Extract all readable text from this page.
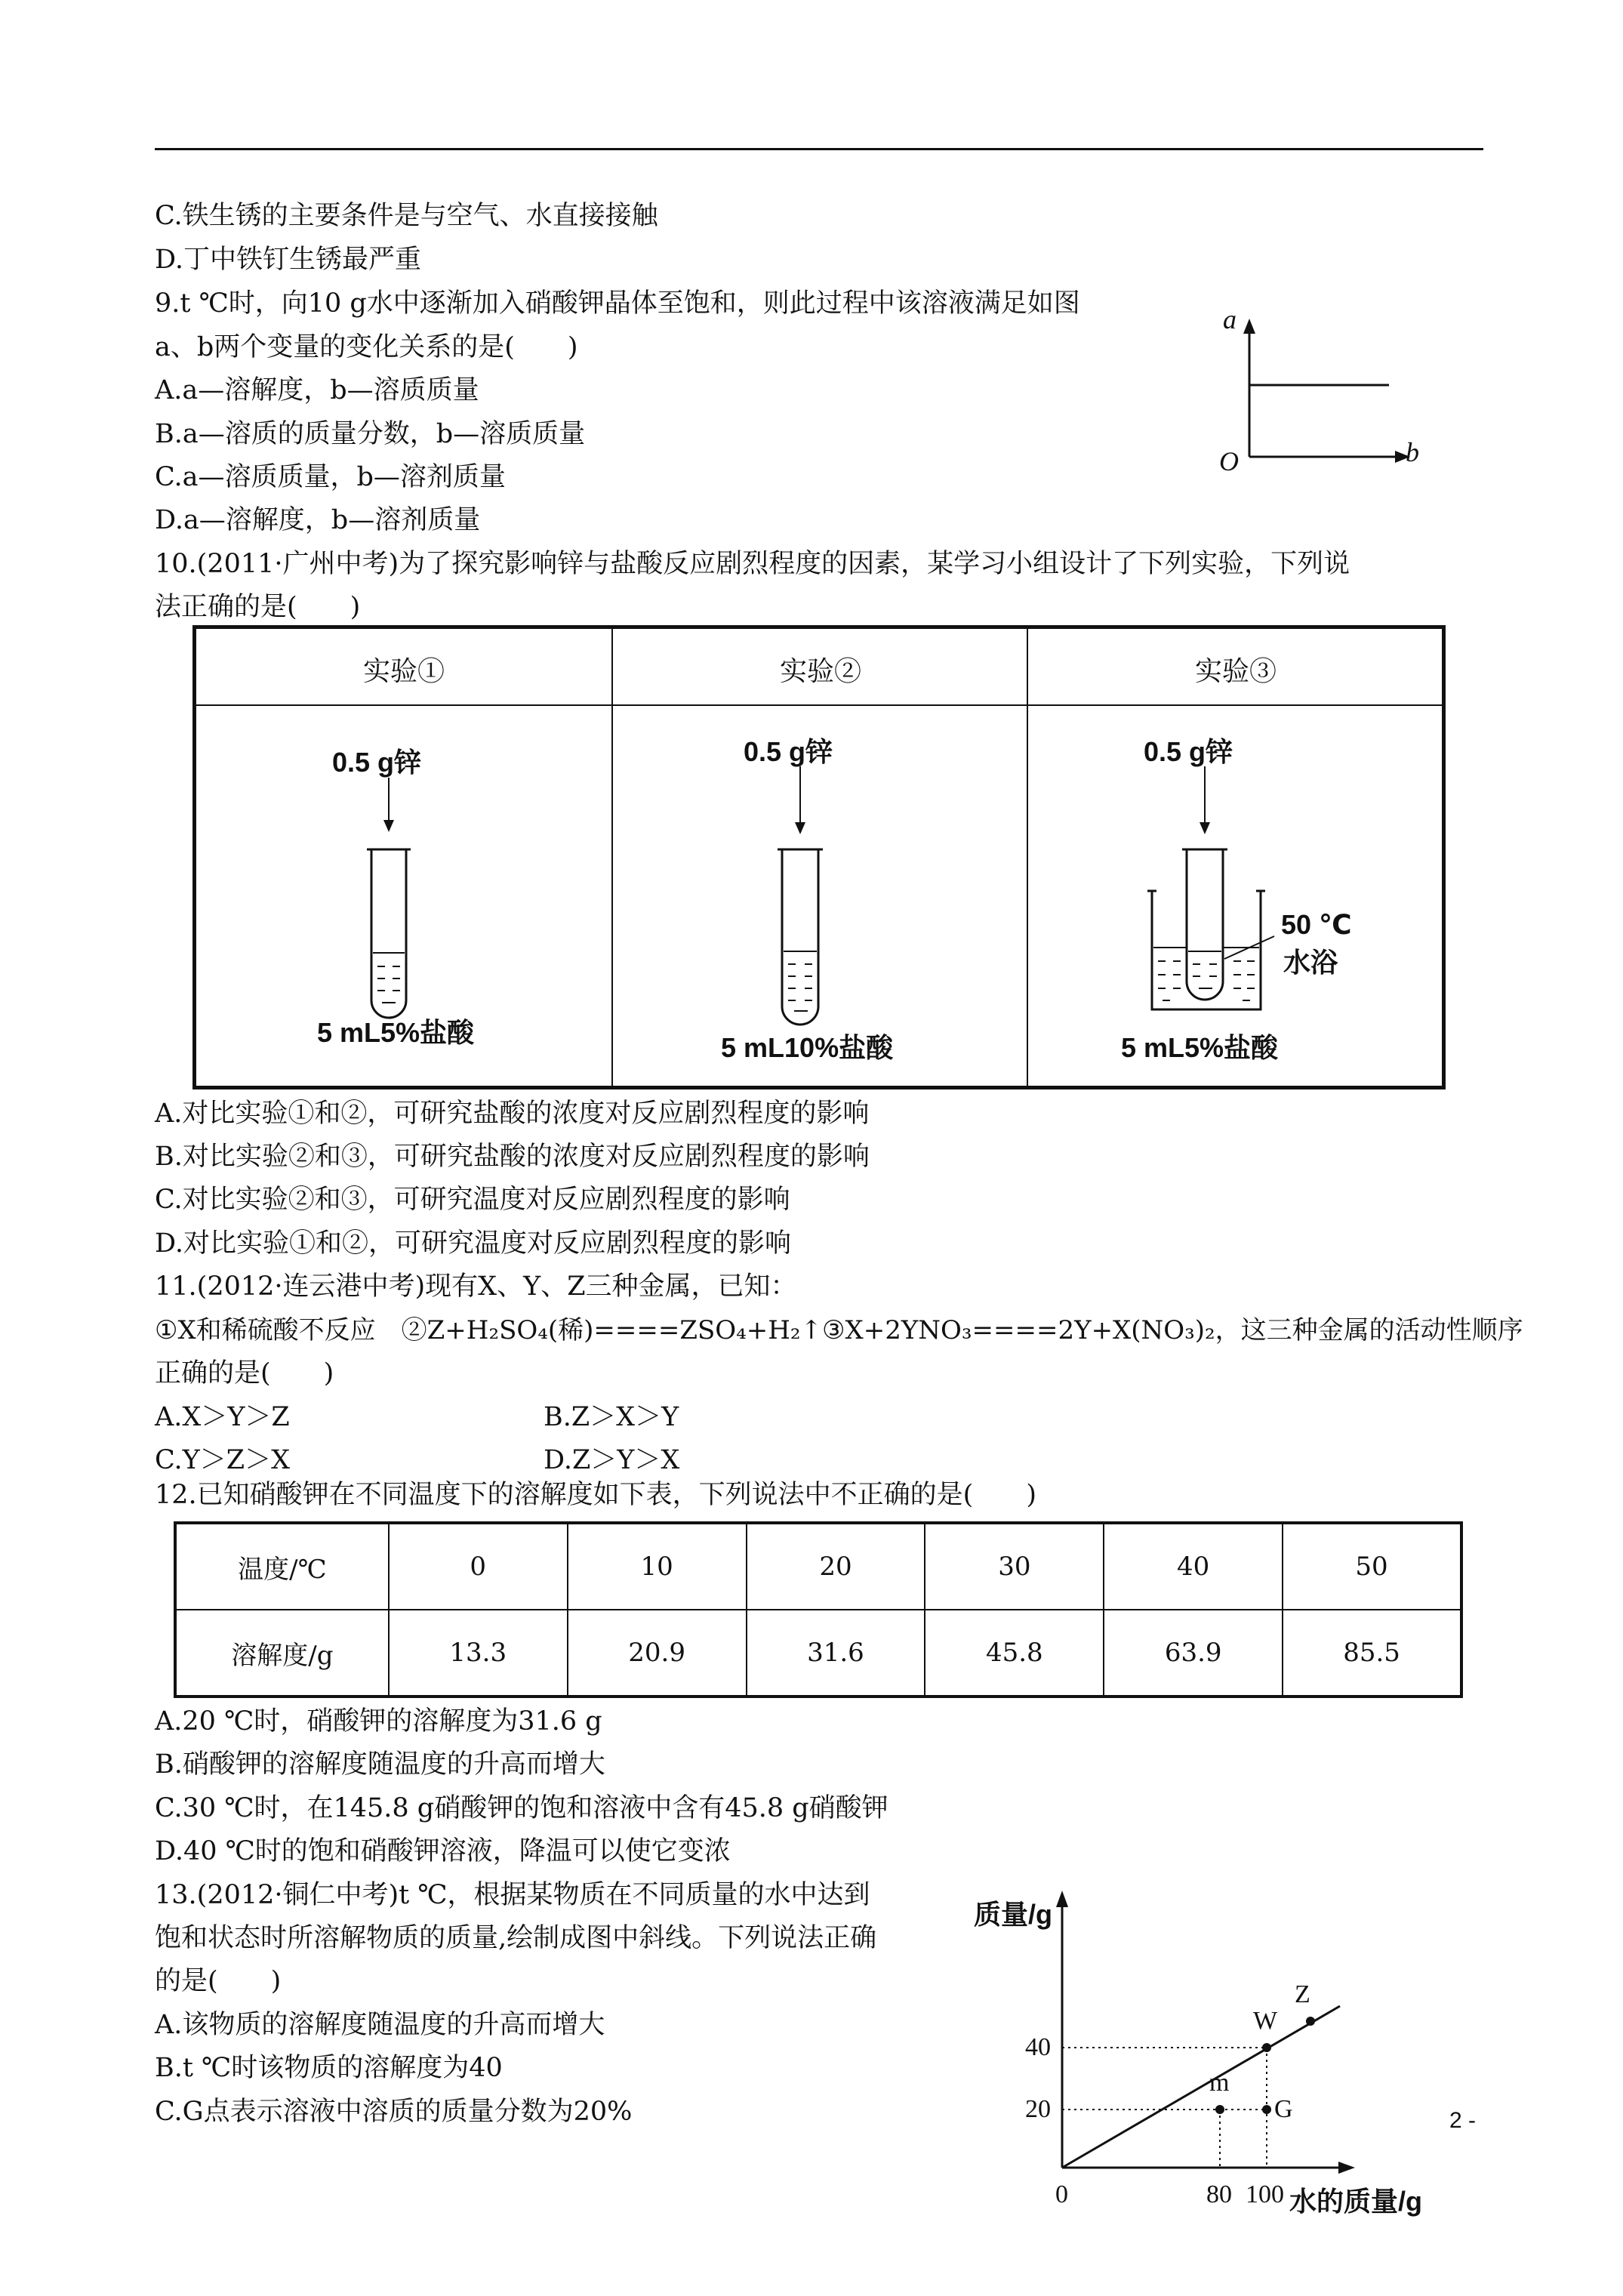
C.铁生锈的主要条件是与空气、水直接接触
D.丁中铁钉生锈最严重
9.t ℃时，向10 g水中逐渐加入硝酸钾晶体至饱和，则此过程中该溶液满足如图
a、b两个变量的变化关系的是(　　)
A.a—溶解度，b—溶质质量
B.a—溶质的质量分数，b—溶质质量
C.a—溶质质量，b—溶剂质量
D.a—溶解度，b—溶剂质量
10.(2011·广州中考)为了探究影响锌与盐酸反应剧烈程度的因素，某学习小组设计了下列实验，下列说
法正确的是(　　)
a
b
O
实验①	实验②	实验③
0.5 g锌
5 mL5%盐酸
0.5 g锌
5 mL10%盐酸
0.5 g锌
50 ℃
水浴
5 mL5%盐酸
A.对比实验①和②，可研究盐酸的浓度对反应剧烈程度的影响
B.对比实验②和③，可研究盐酸的浓度对反应剧烈程度的影响
C.对比实验②和③，可研究温度对反应剧烈程度的影响
D.对比实验①和②，可研究温度对反应剧烈程度的影响
11.(2012·连云港中考)现有X、Y、Z三种金属，已知：
①X和稀硫酸不反应　②Z+H₂SO₄(稀)====ZSO₄+H₂↑③X+2YNO₃====2Y+X(NO₃)₂，这三种金属的活动性顺序
正确的是(　　)
A.X＞Y＞Z	B.Z＞X＞Y
C.Y＞Z＞X	D.Z＞Y＞X
12.已知硝酸钾在不同温度下的溶解度如下表，下列说法中不正确的是(　　)
温度/℃	0	10	20	30	40	50
溶解度/g	13.3	20.9	31.6	45.8	63.9	85.5
A.20 ℃时，硝酸钾的溶解度为31.6 g
B.硝酸钾的溶解度随温度的升高而增大
C.30 ℃时，在145.8 g硝酸钾的饱和溶液中含有45.8 g硝酸钾
D.40 ℃时的饱和硝酸钾溶液，降温可以使它变浓
13.(2012·铜仁中考)t ℃，根据某物质在不同质量的水中达到
饱和状态时所溶解物质的质量,绘制成图中斜线。下列说法正确
的是(　　)
A.该物质的溶解度随温度的升高而增大
B.t ℃时该物质的溶解度为40
C.G点表示溶液中溶质的质量分数为20%
质量/g
40
20
0	80 100 水的质量/g
Z
W
m
G	2 -
